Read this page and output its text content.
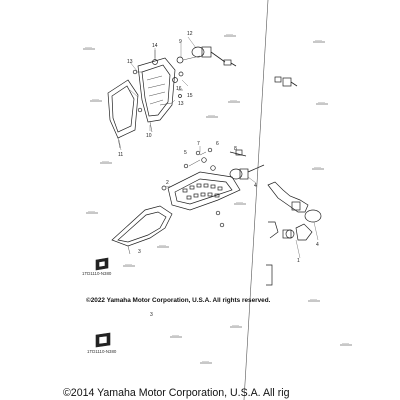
12
9
14
16
13
15
13
10
11
7	6
5
8
4
2
3
4
1
3
1TD1110-N380
©2022 Yamaha Motor Corporation, U.S.A. All rights reserved.
1TD1110-N380
©2014 Yamaha Motor Corporation, U.S.A. All rig
